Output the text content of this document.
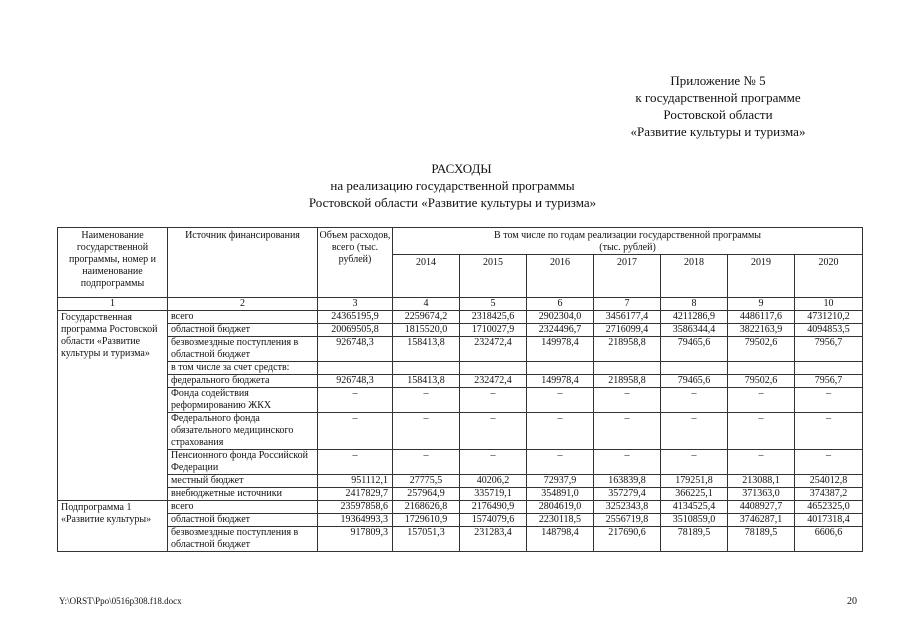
Приложение № 5
к государственной программе
Ростовской области
«Развитие культуры и туризма»
РАСХОДЫ
на реализацию государственной программы
Ростовской области «Развитие культуры и туризма»
Наименование государственной программы, номер и наименование подпрограммы	Источник финансирования	Объем расходов, всего (тыс. рублей)	В том числе по годам реализации государственной программы (тыс. рублей)						
			2014	2015	2016	2017	2018	2019	2020
1	2	3	4	5	6	7	8	9	10
Государственная программа Ростовской области «Развитие культуры и туризма»	всего	24365195,9	2259674,2	2318425,6	2902304,0	3456177,4	4211286,9	4486117,6	4731210,2
	областной бюджет	20069505,8	1815520,0	1710027,9	2324496,7	2716099,4	3586344,4	3822163,9	4094853,5
	безвозмездные поступления в областной бюджет	926748,3	158413,8	232472,4	149978,4	218958,8	79465,6	79502,6	7956,7
	в том числе за счет средств:								
	федерального бюджета	926748,3	158413,8	232472,4	149978,4	218958,8	79465,6	79502,6	7956,7
	Фонда содействия реформированию ЖКХ	–	–	–	–	–	–	–	–
	Федерального фонда обязательного медицинского страхования	–	–	–	–	–	–	–	–
	Пенсионного фонда Российской Федерации	–	–	–	–	–	–	–	–
	местный бюджет	951112,1	27775,5	40206,2	72937,9	163839,8	179251,8	213088,1	254012,8
	внебюджетные источники	2417829,7	257964,9	335719,1	354891,0	357279,4	366225,1	371363,0	374387,2
Подпрограмма 1 «Развитие культуры»	всего	23597858,6	2168626,8	2176490,9	2804619,0	3252343,8	4134525,4	4408927,7	4652325,0
	областной бюджет	19364993,3	1729610,9	1574079,6	2230118,5	2556719,8	3510859,0	3746287,1	4017318,4
	безвозмездные поступления в областной бюджет	917809,3	157051,3	231283,4	148798,4	217690,6	78189,5	78189,5	6606,6
Y:\ORST\Ppo\0516p308.f18.docx	20
